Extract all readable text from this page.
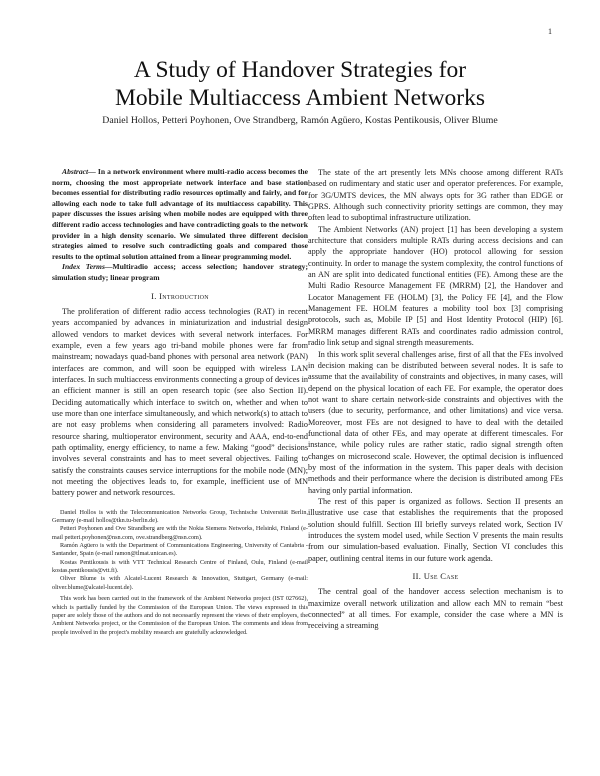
1
A Study of Handover Strategies for
Mobile Multiaccess Ambient Networks
Daniel Hollos, Petteri Poyhonen, Ove Strandberg, Ramón Agüero, Kostas Pentikousis, Oliver Blume

Abstract— In a network environment where multi-radio access becomes the norm, choosing the most appropriate network interface and base station becomes essential for distributing radio resources optimally and fairly, and for allowing each node to take full advantage of its multiaccess capability. This paper discusses the issues arising when mobile nodes are equipped with three different radio access technologies and have contradicting goals to the network provider in a high density scenario. We simulated three different decision strategies aimed to resolve such contradicting goals and compared those results to the optimal solution attained from a linear programming model.

Index Terms—Multiradio access; access selection; handover strategy; simulation study; linear program

I. Introduction

The proliferation of different radio access technologies (RAT) in recent years accompanied by advances in miniaturization and industrial design allowed vendors to market devices with several network interfaces. For example, even a few years ago tri-band mobile phones were far from mainstream; nowadays quad-band phones with personal area network (PAN) interfaces are common, and will soon be equipped with wireless LAN interfaces. In such multiaccess environments connecting a group of devices in an efficient manner is still an open research topic (see also Section II). Deciding automatically which interface to switch on, whether and when to use more than one interface simultaneously, and which network(s) to attach to are not easy problems when considering all parameters involved: Radio resource sharing, multioperator environment, security and AAA, end-to-end path optimality, energy efficiency, to name a few. Making “good” decisions involves several constraints and has to meet several objectives. Failing to satisfy the constraints causes service interruptions for the mobile node (MN); not meeting the objectives leads to, for example, inefficient use of MN battery power and network resources.

Daniel Hollos is with the Telecommunication Networks Group, Technische Universität Berlin, Germany (e-mail hollos@tkn.tu-berlin.de).

Petteri Poyhonen and Ove Strandberg are with the Nokia Siemens Networks, Helsinki, Finland (e-mail petteri.poyhonen@nsn.com, ove.strandberg@nsn.com).

Ramón Agüero is with the Department of Communications Engineering, University of Cantabria - Santander, Spain (e-mail ramon@tlmat.unican.es).

Kostas Pentikousis is with VTT Technical Research Centre of Finland, Oulu, Finland (e-mail kostas.pentikousis@vtt.fi).

Oliver Blume is with Alcatel-Lucent Research & Innovation, Stuttgart, Germany (e-mail: oliver.blume@alcatel-lucent.de).

This work has been carried out in the framework of the Ambient Networks project (IST 027662), which is partially funded by the Commission of the European Union. The views expressed in this paper are solely those of the authors and do not necessarily represent the views of their employers, the Ambient Networks project, or the Commission of the European Union. The comments and ideas from people involved in the project's mobility research are gratefully acknowledged.

The state of the art presently lets MNs choose among different RATs based on rudimentary and static user and operator preferences. For example, for 3G/UMTS devices, the MN always opts for 3G rather than EDGE or GPRS. Although such connectivity priority settings are common, they may often lead to suboptimal infrastructure utilization.

The Ambient Networks (AN) project [1] has been developing a system architecture that considers multiple RATs during access decisions and can apply the appropriate handover (HO) protocol allowing for session continuity. In order to manage the system complexity, the control functions of an AN are split into dedicated functional entities (FE). Among these are the Multi Radio Resource Management FE (MRRM) [2], the Handover and Locator Management FE (HOLM) [3], the Policy FE [4], and the Flow Management FE. HOLM features a mobility tool box [3] comprising protocols, such as, Mobile IP [5] and Host Identity Protocol (HIP) [6]. MRRM manages different RATs and coordinates radio admission control, radio link setup and signal strength measurements.

In this work split several challenges arise, first of all that the FEs involved in decision making can be distributed between several nodes. It is safe to assume that the availability of constraints and objectives, in many cases, will depend on the physical location of each FE. For example, the operator does not want to share certain network-side constraints and objectives with the users (due to security, performance, and other limitations) and vice versa. Moreover, most FEs are not designed to have to deal with the detailed functional data of other FEs, and may operate at different timescales. For instance, while policy rules are rather static, radio signal strength often changes on microsecond scale. However, the optimal decision is influenced by most of the information in the system. This paper deals with decision methods and their performance where the decision is distributed among FEs having only partial information.

The rest of this paper is organized as follows. Section II presents an illustrative use case that establishes the requirements that the proposed solution should fulfill. Section III briefly surveys related work, Section IV introduces the system model used, while Section V presents the main results from our simulation-based evaluation. Finally, Section VI concludes this paper, outlining central items in our future work agenda.

II. Use Case

The central goal of the handover access selection mechanism is to maximize overall network utilization and allow each MN to remain “best connected” at all times. For example, consider the case where a MN is receiving a streaming
